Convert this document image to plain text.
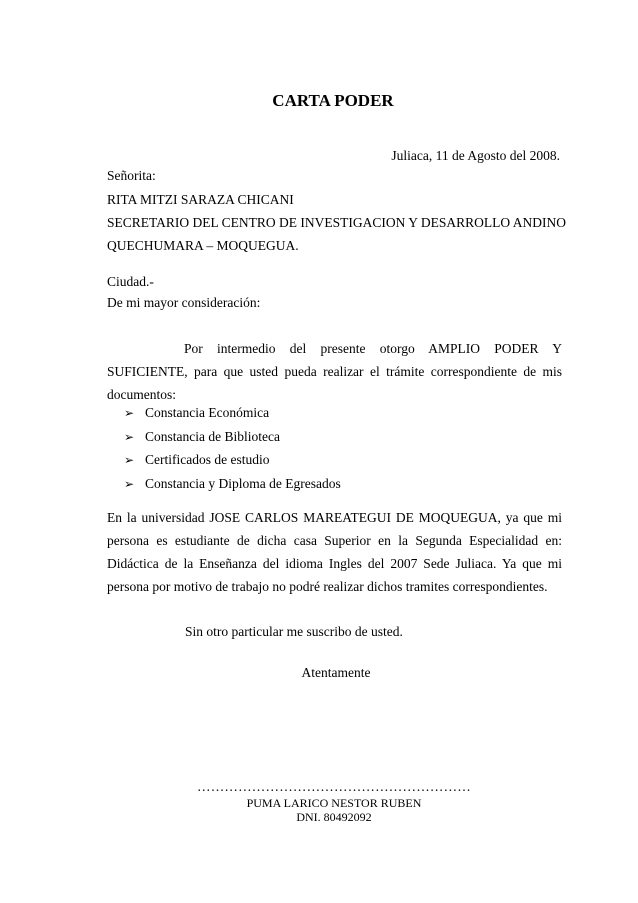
CARTA PODER
Juliaca, 11 de Agosto del 2008.
Señorita:
RITA MITZI SARAZA CHICANI
SECRETARIO DEL CENTRO DE INVESTIGACION Y DESARROLLO ANDINO
QUECHUMARA – MOQUEGUA.
Ciudad.-
De mi mayor consideración:
Por intermedio del presente otorgo AMPLIO PODER Y SUFICIENTE, para que usted pueda realizar el trámite correspondiente de mis documentos:
➢ Constancia Económica
➢ Constancia de Biblioteca
➢ Certificados de estudio
➢ Constancia y Diploma de Egresados
En la universidad JOSE CARLOS MAREATEGUI DE MOQUEGUA, ya que mi persona es estudiante de dicha casa Superior en la Segunda Especialidad en: Didáctica de la Enseñanza del idioma Ingles del 2007 Sede Juliaca. Ya que mi persona por motivo de trabajo no podré realizar dichos tramites correspondientes.
Sin otro particular me suscribo de usted.
Atentamente
……………………………………………………
PUMA LARICO NESTOR RUBEN
DNI. 80492092
